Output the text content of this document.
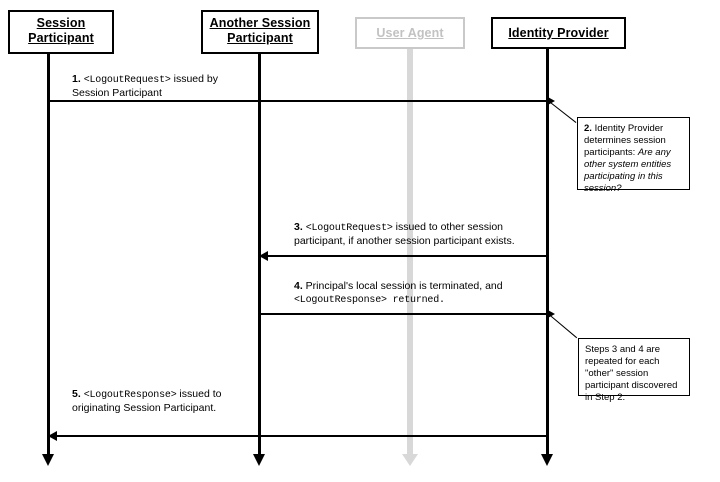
Session
Participant
Another Session
Participant	User Agent	Identity Provider
1. <LogoutRequest> issued by
Session Participant
2. Identity Provider determines session participants: Are any other system entities participating in this session?
3. <LogoutRequest> issued to other session
participant, if another session participant exists.
4. Principal's local session is terminated, and
<LogoutResponse> returned.
Steps 3 and 4 are repeated for each "other" session participant discovered in Step 2.
5. <LogoutResponse> issued to
originating Session Participant.
